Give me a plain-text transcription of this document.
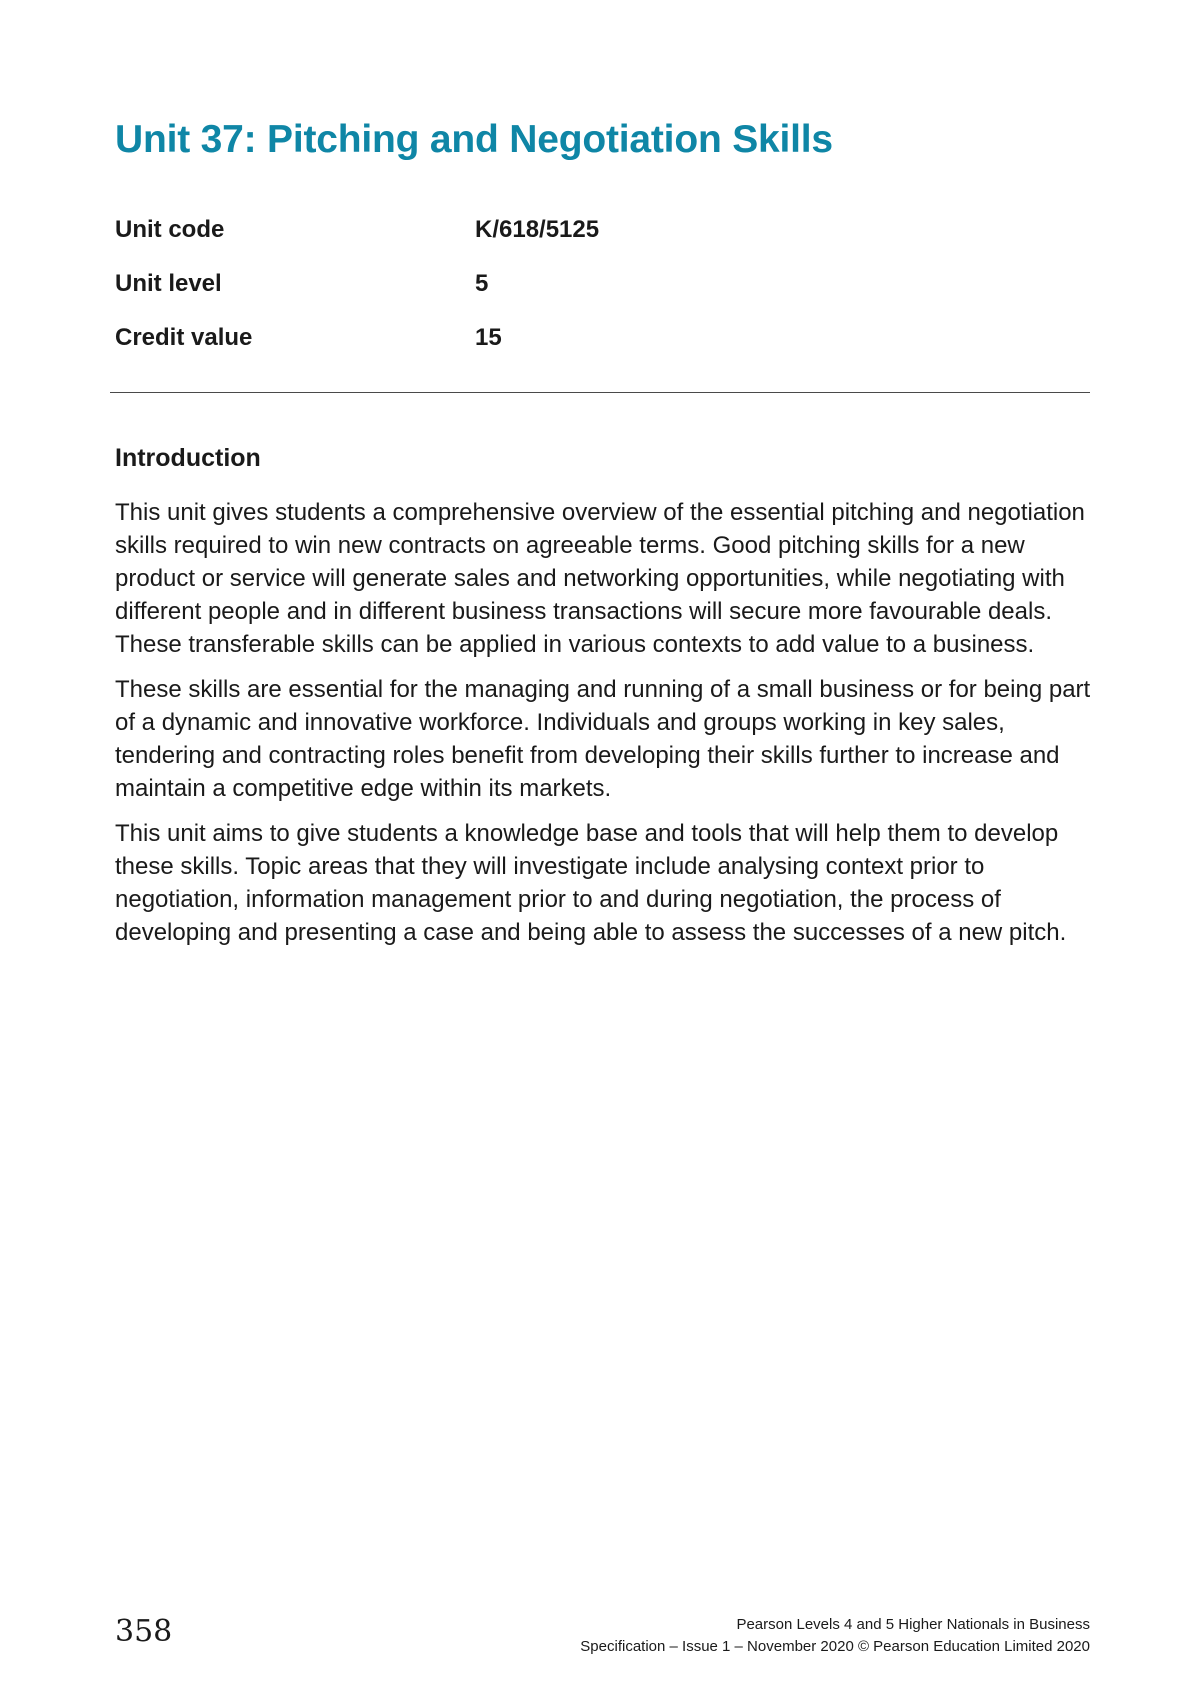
Unit 37: Pitching and Negotiation Skills
Unit code	K/618/5125
Unit level	5
Credit value	15
Introduction

This unit gives students a comprehensive overview of the essential pitching and negotiation skills required to win new contracts on agreeable terms. Good pitching skills for a new product or service will generate sales and networking opportunities, while negotiating with different people and in different business transactions will secure more favourable deals. These transferable skills can be applied in various contexts to add value to a business.

These skills are essential for the managing and running of a small business or for being part of a dynamic and innovative workforce. Individuals and groups working in key sales, tendering and contracting roles benefit from developing their skills further to increase and maintain a competitive edge within its markets.

This unit aims to give students a knowledge base and tools that will help them to develop these skills. Topic areas that they will investigate include analysing context prior to negotiation, information management prior to and during negotiation, the process of developing and presenting a case and being able to assess the successes of a new pitch.

358	Pearson Levels 4 and 5 Higher Nationals in Business
Specification – Issue 1 – November 2020 © Pearson Education Limited 2020
